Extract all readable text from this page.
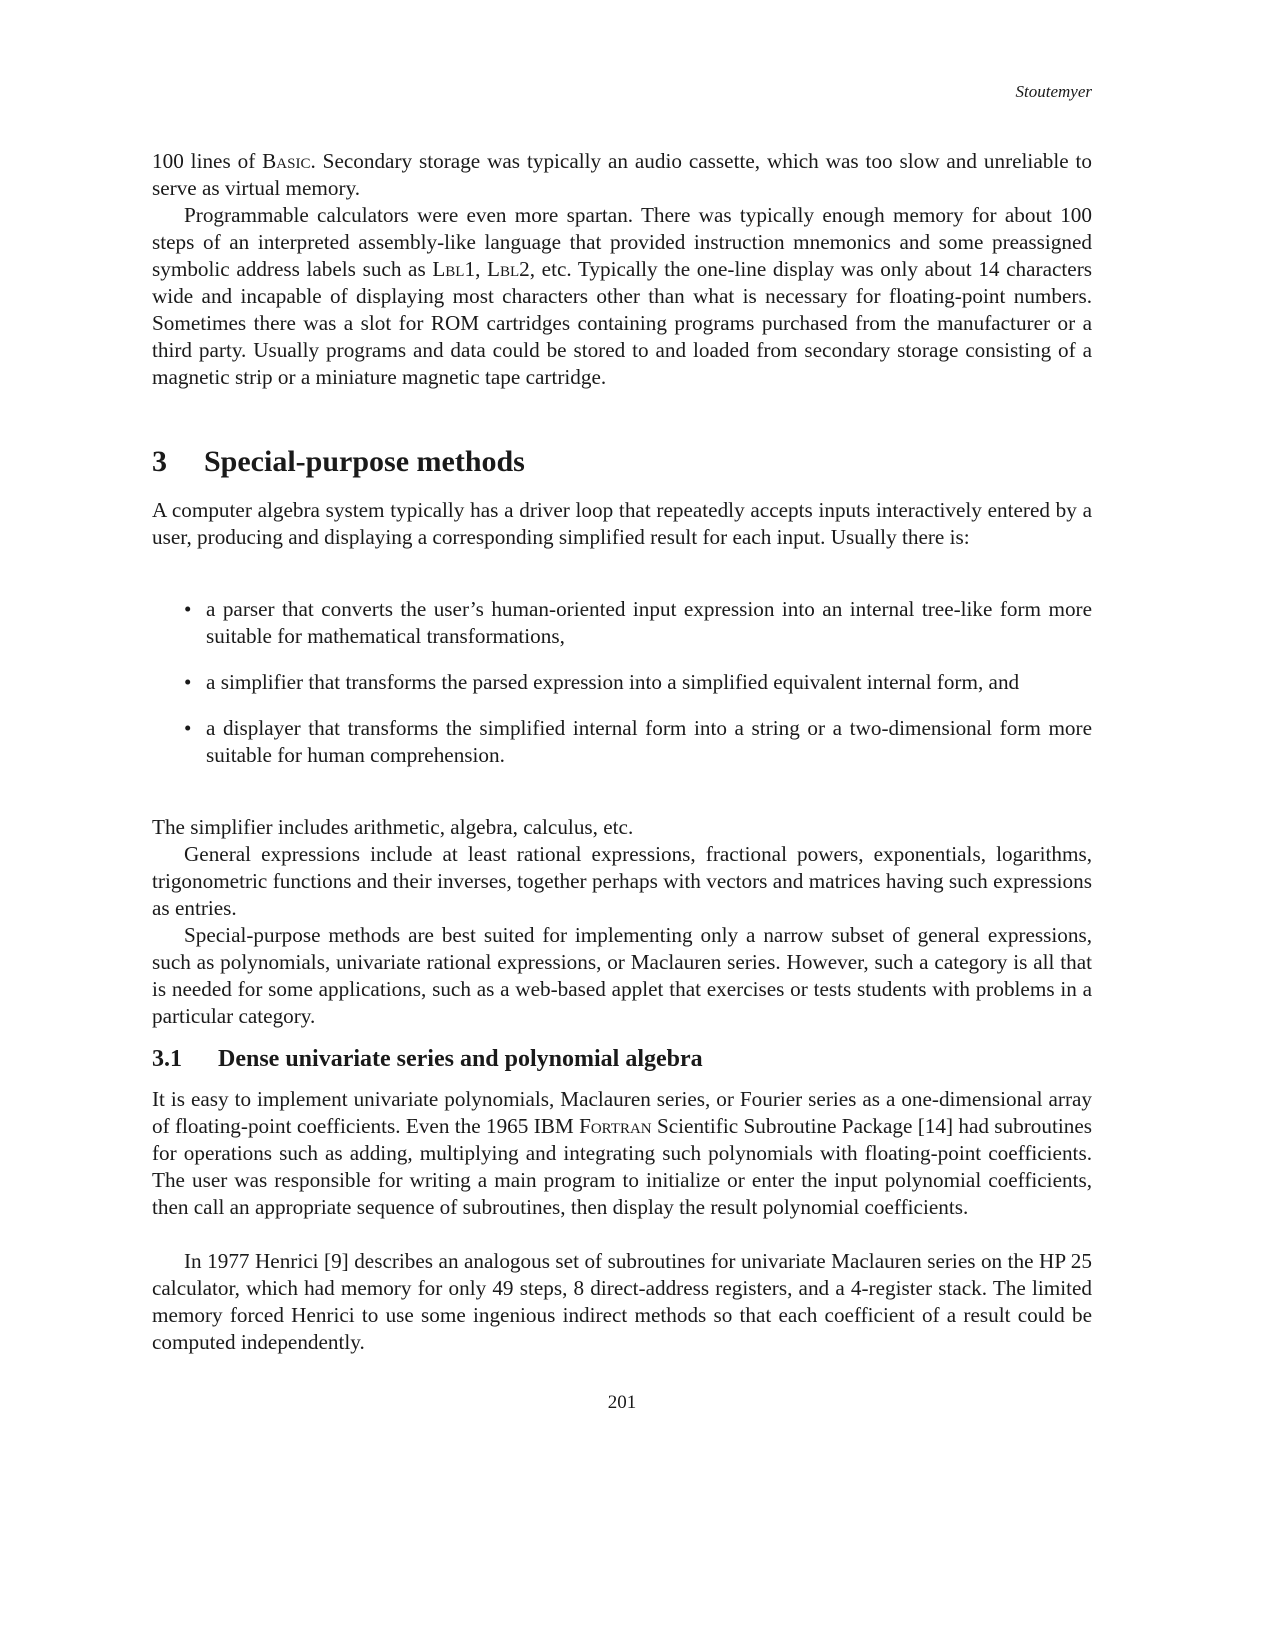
Stoutemyer

100 lines of Basic. Secondary storage was typically an audio cassette, which was too slow and unreliable to serve as virtual memory.

Programmable calculators were even more spartan. There was typically enough memory for about 100 steps of an interpreted assembly-like language that provided instruction mnemonics and some preassigned symbolic address labels such as Lbl1, Lbl2, etc. Typically the one-line display was only about 14 characters wide and incapable of displaying most characters other than what is necessary for floating-point numbers. Sometimes there was a slot for ROM cartridges containing programs purchased from the manufacturer or a third party. Usually programs and data could be stored to and loaded from secondary storage consisting of a magnetic strip or a miniature magnetic tape cartridge.

3 Special-purpose methods

A computer algebra system typically has a driver loop that repeatedly accepts inputs interactively entered by a user, producing and displaying a corresponding simplified result for each input. Usually there is:

• a parser that converts the user’s human-oriented input expression into an internal tree-like form more suitable for mathematical transformations,
• a simplifier that transforms the parsed expression into a simplified equivalent internal form, and
• a displayer that transforms the simplified internal form into a string or a two-dimensional form more suitable for human comprehension.

The simplifier includes arithmetic, algebra, calculus, etc.

General expressions include at least rational expressions, fractional powers, exponentials, logarithms, trigonometric functions and their inverses, together perhaps with vectors and matrices having such expressions as entries.

Special-purpose methods are best suited for implementing only a narrow subset of general expressions, such as polynomials, univariate rational expressions, or Maclauren series. However, such a category is all that is needed for some applications, such as a web-based applet that exercises or tests students with problems in a particular category.

3.1 Dense univariate series and polynomial algebra

It is easy to implement univariate polynomials, Maclauren series, or Fourier series as a one-dimensional array of floating-point coefficients. Even the 1965 IBM Fortran Scientific Subroutine Package [14] had subroutines for operations such as adding, multiplying and integrating such polynomials with floating-point coefficients. The user was responsible for writing a main program to initialize or enter the input polynomial coefficients, then call an appropriate sequence of subroutines, then display the result polynomial coefficients.

In 1977 Henrici [9] describes an analogous set of subroutines for univariate Maclauren series on the HP 25 calculator, which had memory for only 49 steps, 8 direct-address registers, and a 4-register stack. The limited memory forced Henrici to use some ingenious indirect methods so that each coefficient of a result could be computed independently.

201
